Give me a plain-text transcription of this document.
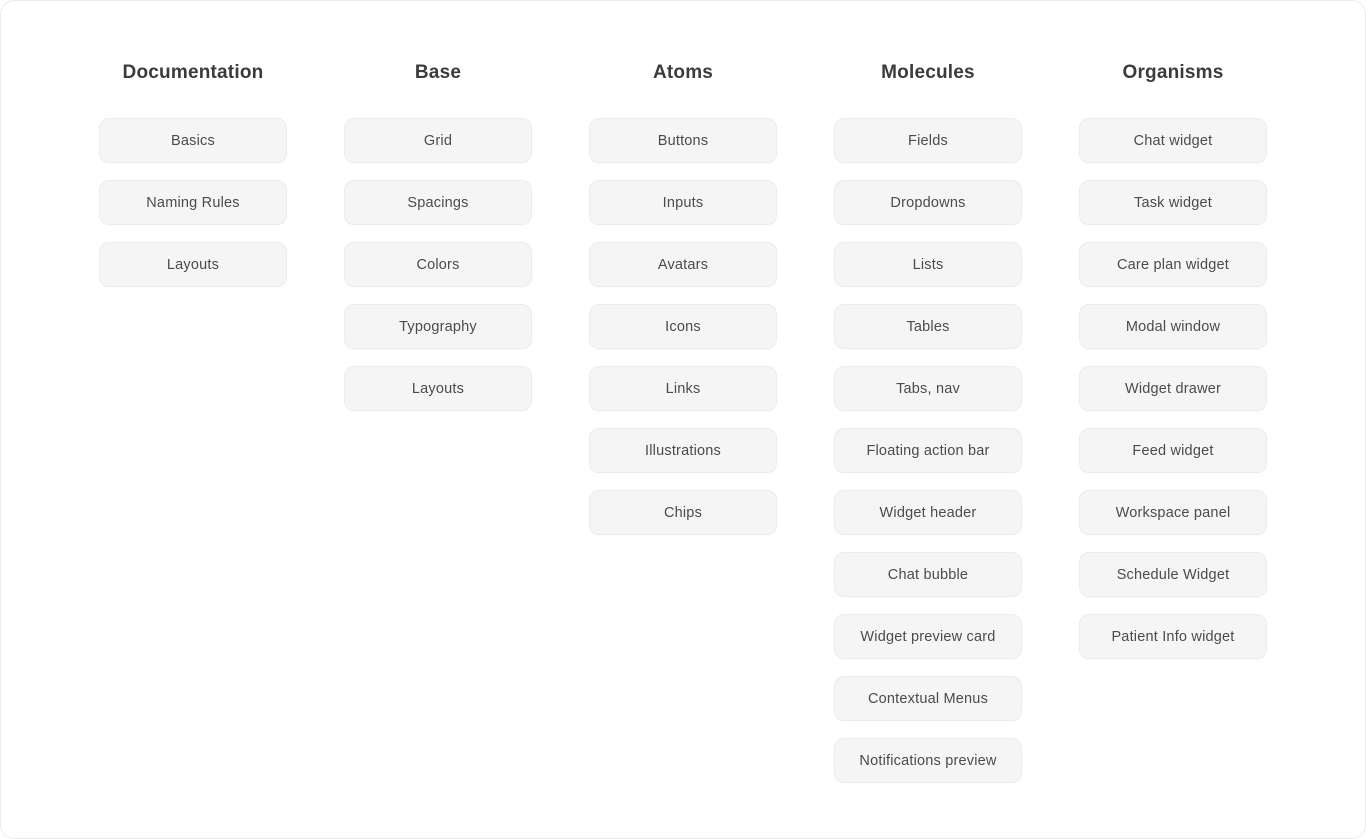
Documentation
Basics
Naming Rules
Layouts
Base
Grid
Spacings
Colors
Typography
Layouts
Atoms
Buttons
Inputs
Avatars
Icons
Links
Illustrations
Chips
Molecules
Fields
Dropdowns
Lists
Tables
Tabs, nav
Floating action bar
Widget header
Chat bubble
Widget preview card
Contextual Menus
Notifications preview
Organisms
Chat widget
Task widget
Care plan widget
Modal window
Widget drawer
Feed widget
Workspace panel
Schedule Widget
Patient Info widget
